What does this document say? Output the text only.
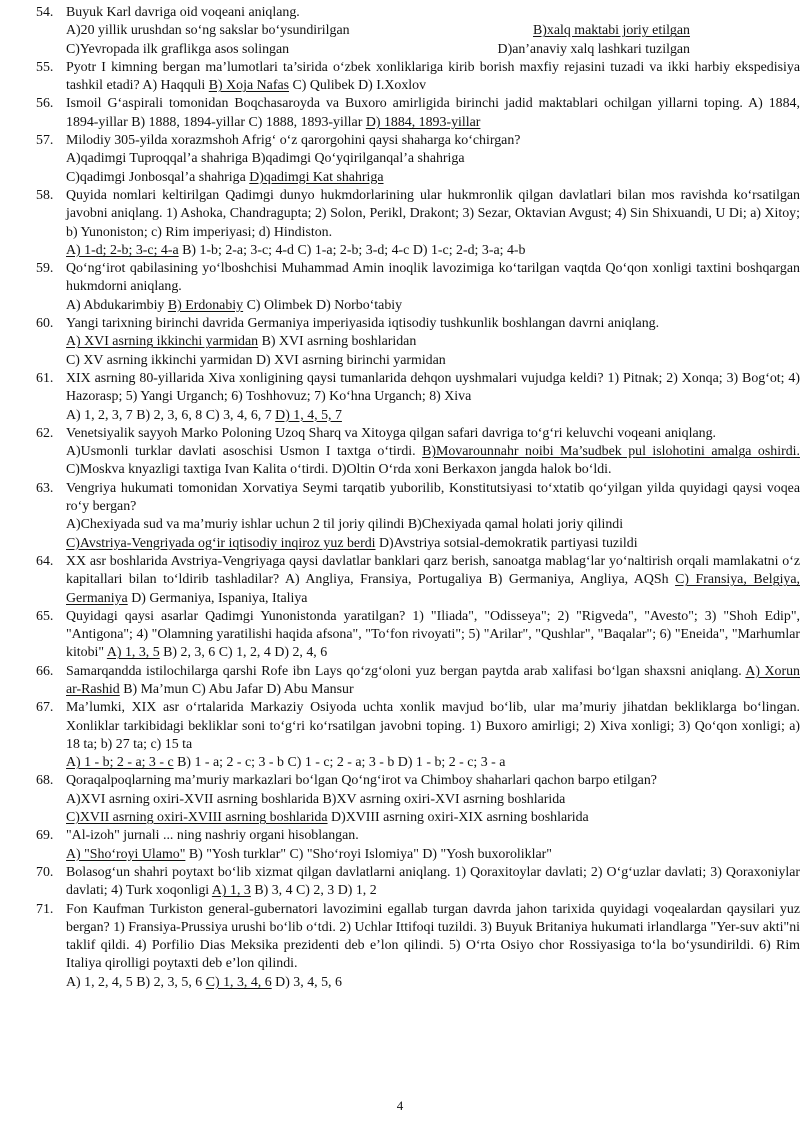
54. Buyuk Karl davriga oid voqeani aniqlang.
A)20 yillik urushdan so‘ng sakslar bo‘ysundirilgan	B)xalq maktabi joriy etilgan
C)Yevropada ilk graflikga asos solingan	D)an’anaviy xalq lashkari tuzilgan
55. Pyotr I kimning bergan ma’lumotlari ta’sirida o‘zbek xonliklariga kirib borish maxfiy rejasini tuzadi va ikki harbiy ekspedisiya tashkil etadi? A) Haqquli B) Xoja Nafas C) Qulibek D) I.Xoxlov
56. Ismoil G‘aspirali tomonidan Boqchasaroyda va Buxoro amirligida birinchi jadid maktablari ochilgan yillarni toping. A) 1884, 1894-yillar B) 1888, 1894-yillar C) 1888, 1893-yillar D) 1884, 1893-yillar
57. Milodiy 305-yilda xorazmshoh Afrig‘ o‘z qarorgohini qaysi shaharga ko‘chirgan?
A)qadimgi Tuproqqal’a shahriga B)qadimgi Qo‘yqirilganqal’a shahriga
C)qadimgi Jonbosqal’a shahriga D)qadimgi Kat shahriga
58. Quyida nomlari keltirilgan Qadimgi dunyo hukmdorlarining ular hukmronlik qilgan davlatlari bilan mos ravishda ko‘rsatilgan javobni aniqlang. 1) Ashoka, Chandragupta; 2) Solon, Perikl, Drakont; 3) Sezar, Oktavian Avgust; 4) Sin Shixuandi, U Di; a) Xitoy; b) Yunoniston; c) Rim imperiyasi; d) Hindiston.
A) 1-d; 2-b; 3-c; 4-a B) 1-b; 2-a; 3-c; 4-d C) 1-a; 2-b; 3-d; 4-c D) 1-c; 2-d; 3-a; 4-b
59. Qo‘ng‘irot qabilasining yo‘lboshchisi Muhammad Amin inoqlik lavozimiga ko‘tarilgan vaqtda Qo‘qon xonligi taxtini boshqargan hukmdorni aniqlang.
A) Abdukarimbiy B) Erdonabiy C) Olimbek D) Norbo‘tabiy
60. Yangi tarixning birinchi davrida Germaniya imperiyasida iqtisodiy tushkunlik boshlangan davrni aniqlang.
A) XVI asrning ikkinchi yarmidan B) XVI asrning boshlaridan
C) XV asrning ikkinchi yarmidan D) XVI asrning birinchi yarmidan
61. XIX asrning 80-yillarida Xiva xonligining qaysi tumanlarida dehqon uyshmalari vujudga keldi? 1) Pitnak; 2) Xonqa; 3) Bog‘ot; 4) Hazorasp; 5) Yangi Urganch; 6) Toshhovuz; 7) Ko‘hna Urganch; 8) Xiva
A) 1, 2, 3, 7 B) 2, 3, 6, 8 C) 3, 4, 6, 7 D) 1, 4, 5, 7
62. Venetsiyalik sayyoh Marko Poloning Uzoq Sharq va Xitoyga qilgan safari davriga to‘g‘ri keluvchi voqeani aniqlang.
A)Usmonli turklar davlati asoschisi Usmon I taxtga o‘tirdi. B)Movarounnahr noibi Ma’sudbek pul islohotini amalga oshirdi. C)Moskva knyazligi taxtiga Ivan Kalita o‘tirdi. D)Oltin O‘rda xoni Berkaxon jangda halok bo‘ldi.
63. Vengriya hukumati tomonidan Xorvatiya Seymi tarqatib yuborilib, Konstitutsiyasi to‘xtatib qo‘yilgan yilda quyidagi qaysi voqea ro‘y bergan?
A)Chexiyada sud va ma’muriy ishlar uchun 2 til joriy qilindi B)Chexiyada qamal holati joriy qilindi
C)Avstriya-Vengriyada og‘ir iqtisodiy inqiroz yuz berdi D)Avstriya sotsial-demokratik partiyasi tuzildi
64. XX asr boshlarida Avstriya-Vengriyaga qaysi davlatlar banklari qarz berish, sanoatga mablag‘lar yo‘naltirish orqali mamlakatni o‘z kapitallari bilan to‘ldirib tashladilar? A) Angliya, Fransiya, Portugaliya B) Germaniya, Angliya, AQSh C) Fransiya, Belgiya, Germaniya D) Germaniya, Ispaniya, Italiya
65. Quyidagi qaysi asarlar Qadimgi Yunonistonda yaratilgan? 1) "Iliada", "Odisseya"; 2) "Rigveda", "Avesto"; 3) "Shoh Edip", "Antigona"; 4) "Olamning yaratilishi haqida afsona", "To‘fon rivoyati"; 5) "Arilar", "Qushlar", "Baqalar"; 6) "Eneida", "Marhumlar kitobi" A) 1, 3, 5 B) 2, 3, 6 C) 1, 2, 4 D) 2, 4, 6
66. Samarqandda istilochilarga qarshi Rofe ibn Lays qo‘zg‘oloni yuz bergan paytda arab xalifasi bo‘lgan shaxsni aniqlang. A) Xorun ar-Rashid B) Ma’mun C) Abu Jafar D) Abu Mansur
67. Ma’lumki, XIX asr o‘rtalarida Markaziy Osiyoda uchta xonlik mavjud bo‘lib, ular ma’muriy jihatdan bekliklarga bo‘lingan. Xonliklar tarkibidagi bekliklar soni to‘g‘ri ko‘rsatilgan javobni toping. 1) Buxoro amirligi; 2) Xiva xonligi; 3) Qo‘qon xonligi; a) 18 ta; b) 27 ta; c) 15 ta
A) 1 - b; 2 - a; 3 - c B) 1 - a; 2 - c; 3 - b C) 1 - c; 2 - a; 3 - b D) 1 - b; 2 - c; 3 - a
68. Qoraqalpoqlarning ma’muriy markazlari bo‘lgan Qo‘ng‘irot va Chimboy shaharlari qachon barpo etilgan?
A)XVI asrning oxiri-XVII asrning boshlarida B)XV asrning oxiri-XVI asrning boshlarida
C)XVII asrning oxiri-XVIII asrning boshlarida D)XVIII asrning oxiri-XIX asrning boshlarida
69. "Al-izoh" jurnali ... ning nashriy organi hisoblangan.
A) "Sho‘royi Ulamo" B) "Yosh turklar" C) "Sho‘royi Islomiya" D) "Yosh buxoroliklar"
70. Bolasog‘un shahri poytaxt bo‘lib xizmat qilgan davlatlarni aniqlang. 1) Qoraxitoylar davlati; 2) O‘g‘uzlar davlati; 3) Qoraxoniylar davlati; 4) Turk xoqonligi A) 1, 3 B) 3, 4 C) 2, 3 D) 1, 2
71. Fon Kaufman Turkiston general-gubernatori lavozimini egallab turgan davrda jahon tarixida quyidagi voqealardan qaysilari yuz bergan? 1) Fransiya-Prussiya urushi bo‘lib o‘tdi. 2) Uchlar Ittifoqi tuzildi. 3) Buyuk Britaniya hukumati irlandlarga "Yer-suv akti"ni taklif qildi. 4) Porfilio Dias Meksika prezidenti deb e’lon qilindi. 5) O‘rta Osiyo chor Rossiyasiga to‘la bo‘ysundirildi. 6) Rim Italiya qirolligi poytaxti deb e’lon qilindi.
A) 1, 2, 4, 5 B) 2, 3, 5, 6 C) 1, 3, 4, 6 D) 3, 4, 5, 6
4
